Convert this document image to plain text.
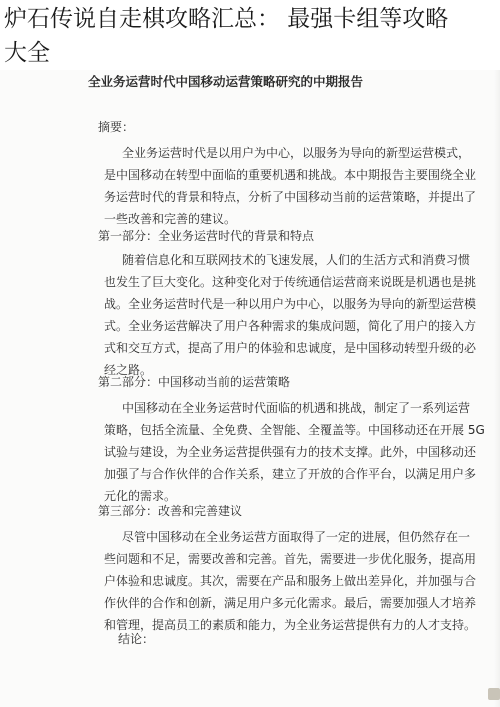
炉石传说自走棋攻略汇总： 最强卡组等攻略
大全
全业务运营时代中国移动运营策略研究的中期报告
摘要：
全业务运营时代是以用户为中心，以服务为导向的新型运营模式，
是中国移动在转型中面临的重要机遇和挑战。本中期报告主要围绕全业
务运营时代的背景和特点，分析了中国移动当前的运营策略，并提出了
一些改善和完善的建议。
第一部分：全业务运营时代的背景和特点
随着信息化和互联网技术的飞速发展，人们的生活方式和消费习惯
也发生了巨大变化。这种变化对于传统通信运营商来说既是机遇也是挑
战。全业务运营时代是一种以用户为中心，以服务为导向的新型运营模
式。全业务运营解决了用户各种需求的集成问题，简化了用户的接入方
式和交互方式，提高了用户的体验和忠诚度，是中国移动转型升级的必
经之路。
第二部分：中国移动当前的运营策略
中国移动在全业务运营时代面临的机遇和挑战，制定了一系列运营
策略，包括全流量、全免费、全智能、全覆盖等。中国移动还在开展 5G
试验与建设，为全业务运营提供强有力的技术支撑。此外，中国移动还
加强了与合作伙伴的合作关系，建立了开放的合作平台，以满足用户多
元化的需求。
第三部分：改善和完善建议
尽管中国移动在全业务运营方面取得了一定的进展，但仍然存在一
些问题和不足，需要改善和完善。首先，需要进一步优化服务，提高用
户体验和忠诚度。其次，需要在产品和服务上做出差异化，并加强与合
作伙伴的合作和创新，满足用户多元化需求。最后，需要加强人才培养
和管理，提高员工的素质和能力，为全业务运营提供有力的人才支持。
结论：
